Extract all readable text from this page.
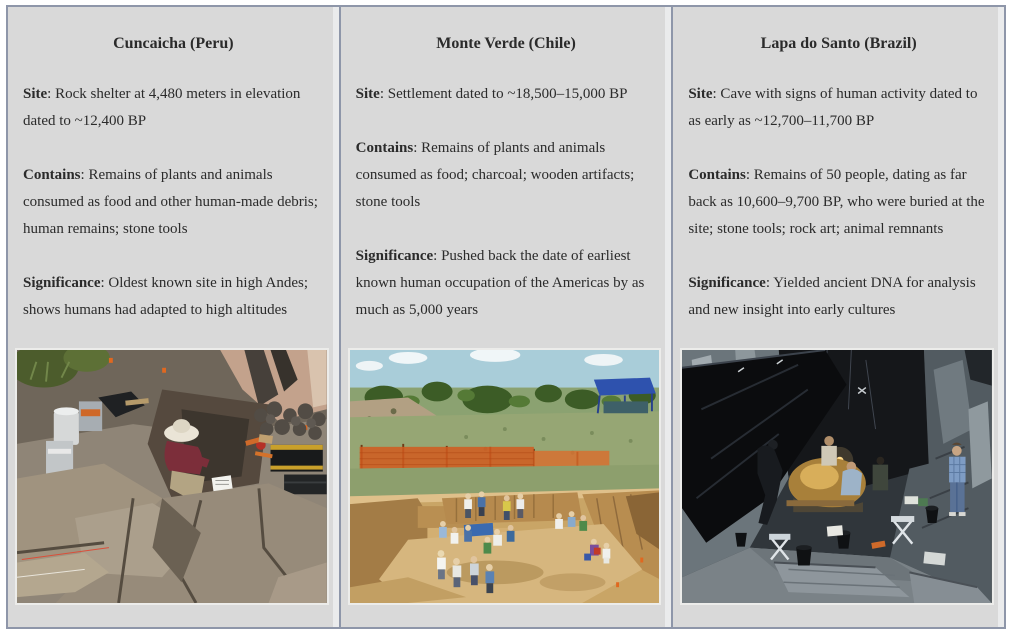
Cuncaicha (Peru)

Site: Rock shelter at 4,480 meters in elevation dated to ~12,400 BP

Contains: Remains of plants and animals consumed as food and other human-made debris; human remains; stone tools

Significance: Oldest known site in high Andes; shows humans had adapted to high altitudes

Monte Verde (Chile)

Site: Settlement dated to ~18,500–15,000 BP

Contains: Remains of plants and animals consumed as food; charcoal; wooden artifacts; stone tools

Significance: Pushed back the date of earliest known human occupation of the Americas by as much as 5,000 years

Lapa do Santo (Brazil)

Site: Cave with signs of human activity dated to as early as ~12,700–11,700 BP

Contains: Remains of 50 people, dating as far back as 10,600–9,700 BP, who were buried at the site; stone tools; rock art; animal remnants

Significance: Yielded ancient DNA for analysis and new insight into early cultures
